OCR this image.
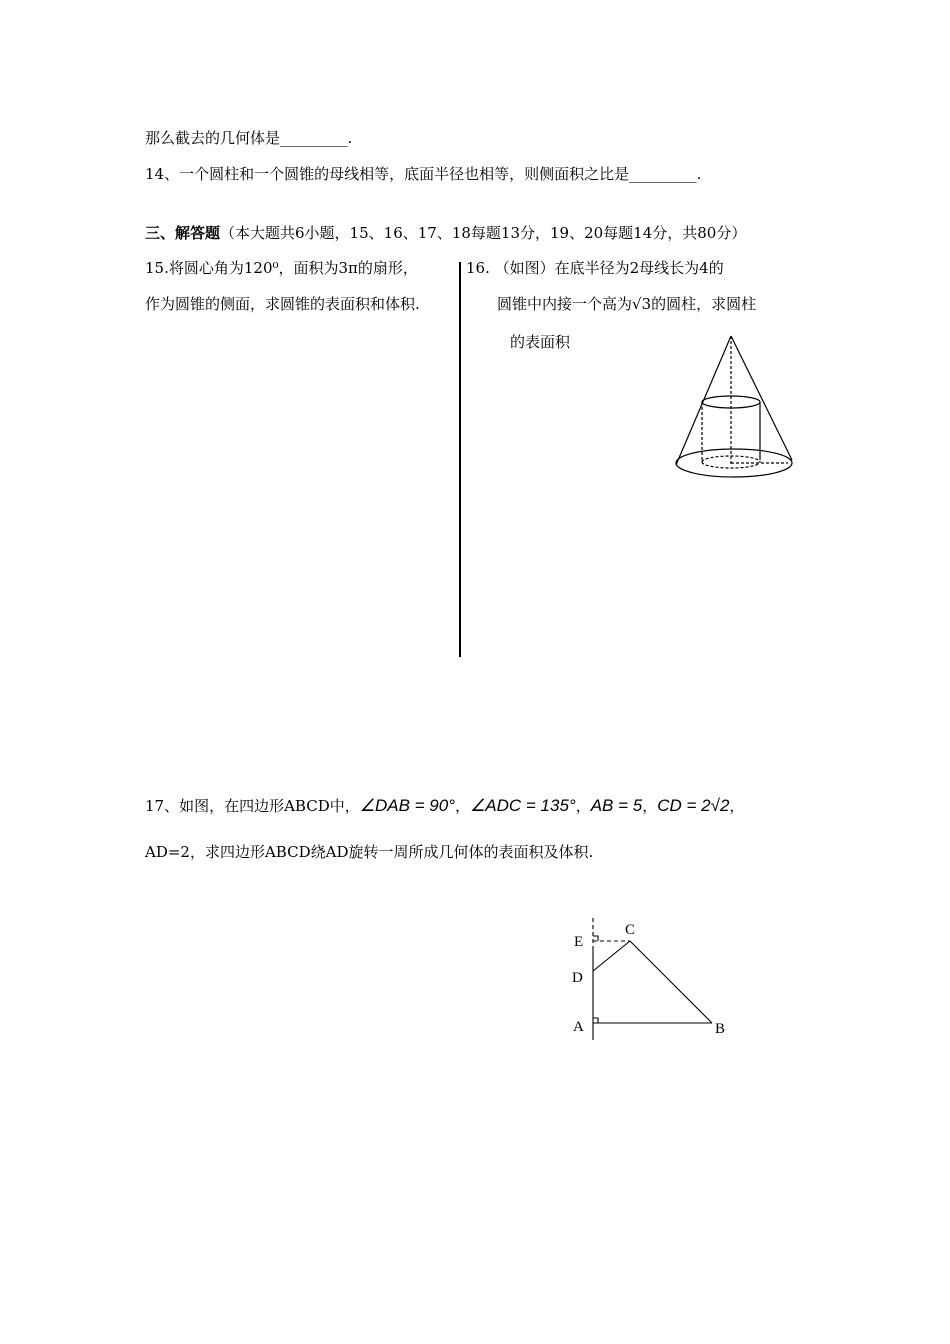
那么截去的几何体是_________.
14、一个圆柱和一个圆锥的母线相等，底面半径也相等，则侧面积之比是_________.
三、解答题（本大题共6小题，15、16、17、18每题13分，19、20每题14分，共80分）
15.将圆心角为120⁰，面积为3π的扇形，
作为圆锥的侧面，求圆锥的表面积和体积.
16. （如图）在底半径为2母线长为4的
圆锥中内接一个高为√3的圆柱，求圆柱
的表面积
17、如图，在四边形ABCD中，∠DAB = 90°，∠ADC = 135°，AB = 5，CD = 2√2，
AD=2，求四边形ABCD绕AD旋转一周所成几何体的表面积及体积.
E
D
A
C
B
